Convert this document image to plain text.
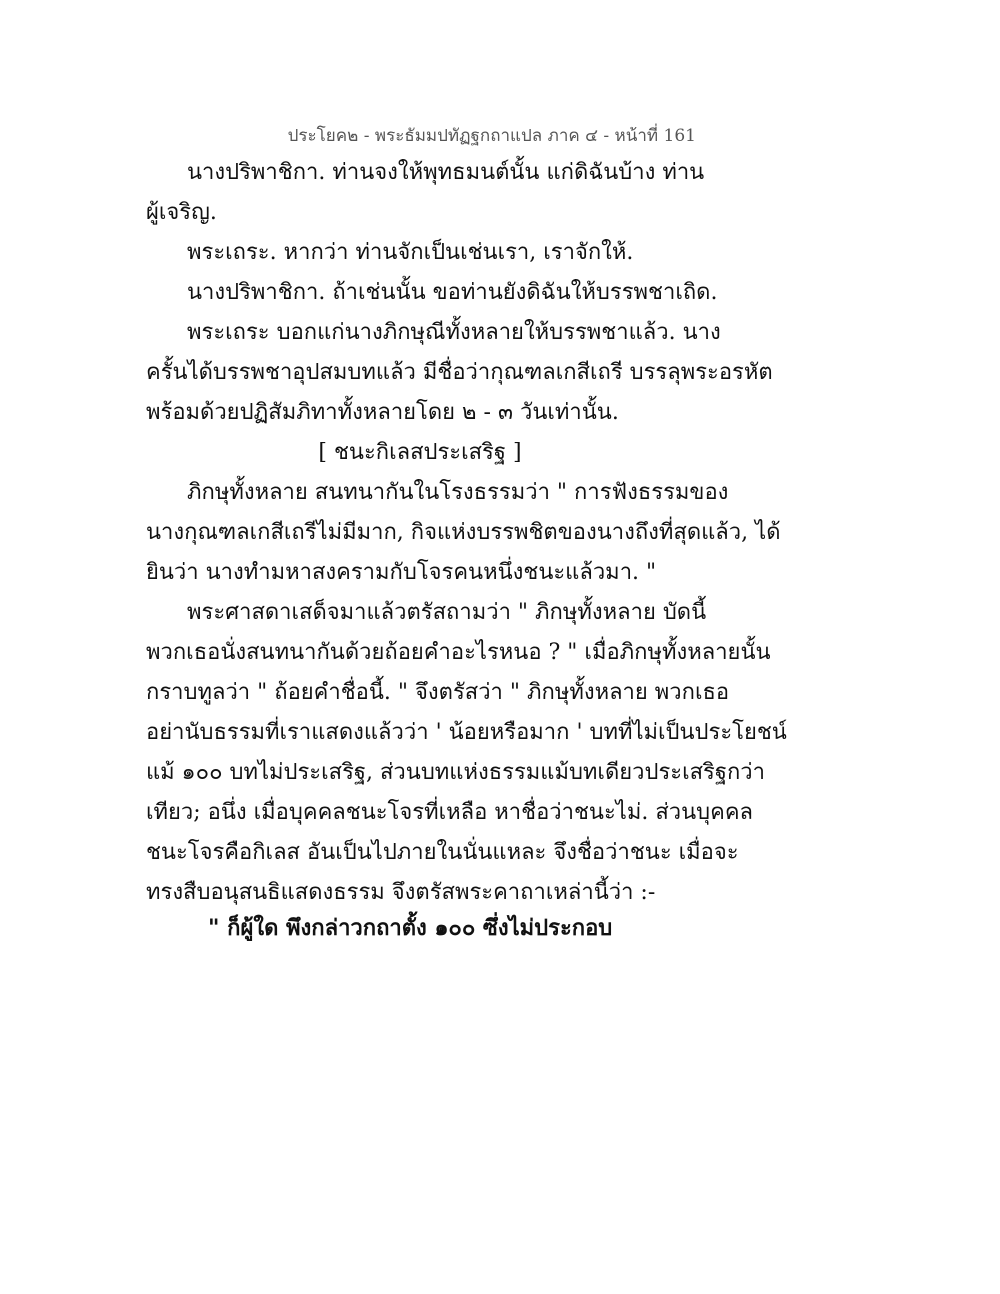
ประโยค๒ - พระธัมมปทัฏฐกถาแปล ภาค ๔ - หน้าที่ 161
นางปริพาชิกา. ท่านจงให้พุทธมนต์นั้น แก่ดิฉันบ้าง ท่าน
ผู้เจริญ.
พระเถระ. หากว่า ท่านจักเป็นเช่นเรา, เราจักให้.
นางปริพาชิกา. ถ้าเช่นนั้น ขอท่านยังดิฉันให้บรรพชาเถิด.
พระเถระ บอกแก่นางภิกษุณีทั้งหลายให้บรรพชาแล้ว. นาง
ครั้นได้บรรพชาอุปสมบทแล้ว มีชื่อว่ากุณฑลเกสีเถรี บรรลุพระอรหัต
พร้อมด้วยปฏิสัมภิทาทั้งหลายโดย ๒ - ๓ วันเท่านั้น.
[ ชนะกิเลสประเสริฐ ]
ภิกษุทั้งหลาย สนทนากันในโรงธรรมว่า " การฟังธรรมของ
นางกุณฑลเกสีเถรีไม่มีมาก, กิจแห่งบรรพชิตของนางถึงที่สุดแล้ว, ได้
ยินว่า นางทำมหาสงครามกับโจรคนหนึ่งชนะแล้วมา. "
พระศาสดาเสด็จมาแล้วตรัสถามว่า " ภิกษุทั้งหลาย บัดนี้
พวกเธอนั่งสนทนากันด้วยถ้อยคำอะไรหนอ ? " เมื่อภิกษุทั้งหลายนั้น
กราบทูลว่า " ถ้อยคำชื่อนี้. " จึงตรัสว่า " ภิกษุทั้งหลาย พวกเธอ
อย่านับธรรมที่เราแสดงแล้วว่า ' น้อยหรือมาก ' บทที่ไม่เป็นประโยชน์
แม้ ๑๐๐ บทไม่ประเสริฐ, ส่วนบทแห่งธรรมแม้บทเดียวประเสริฐกว่า
เทียว; อนึ่ง เมื่อบุคคลชนะโจรที่เหลือ หาชื่อว่าชนะไม่. ส่วนบุคคล
ชนะโจรคือกิเลส อันเป็นไปภายในนั่นแหละ จึงชื่อว่าชนะ เมื่อจะ
ทรงสืบอนุสนธิแสดงธรรม จึงตรัสพระคาถาเหล่านี้ว่า :-
" ก็ผู้ใด พึงกล่าวกถาตั้ง ๑๐๐ ซึ่งไม่ประกอบ
